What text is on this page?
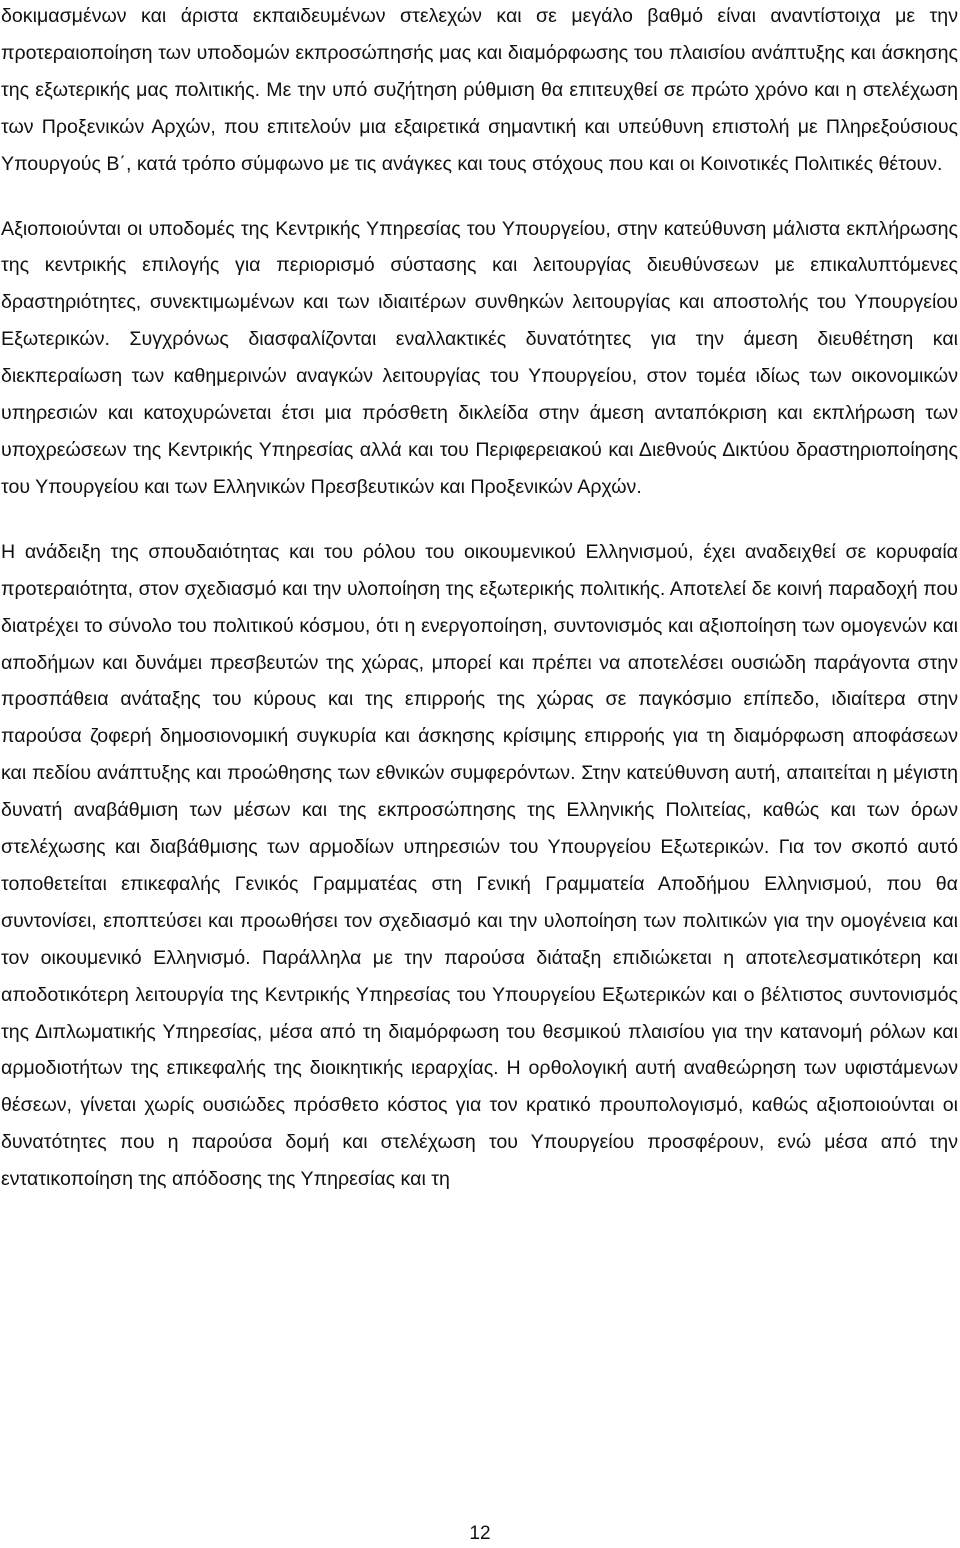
δοκιμασμένων και άριστα εκπαιδευμένων στελεχών και σε μεγάλο βαθμό είναι αναντίστοιχα με την προτεραιοποίηση των υποδομών εκπροσώπησής μας και διαμόρφωσης του πλαισίου ανάπτυξης και άσκησης της εξωτερικής μας πολιτικής. Με την υπό συζήτηση ρύθμιση θα επιτευχθεί σε πρώτο χρόνο και η στελέχωση των Προξενικών Αρχών, που επιτελούν μια εξαιρετικά σημαντική και υπεύθυνη επιστολή με Πληρεξούσιους Υπουργούς Β΄, κατά τρόπο σύμφωνο με τις ανάγκες και τους στόχους που και οι Κοινοτικές Πολιτικές θέτουν.

Αξιοποιούνται οι υποδομές της Κεντρικής Υπηρεσίας του Υπουργείου, στην κατεύθυνση μάλιστα εκπλήρωσης της κεντρικής επιλογής για περιορισμό σύστασης και λειτουργίας διευθύνσεων με επικαλυπτόμενες δραστηριότητες, συνεκτιμωμένων και των ιδιαιτέρων συνθηκών λειτουργίας και αποστολής του Υπουργείου Εξωτερικών. Συγχρόνως διασφαλίζονται εναλλακτικές δυνατότητες για την άμεση διευθέτηση και διεκπεραίωση των καθημερινών αναγκών λειτουργίας του Υπουργείου, στον τομέα ιδίως των οικονομικών υπηρεσιών και κατοχυρώνεται έτσι μια πρόσθετη δικλείδα στην άμεση ανταπόκριση και εκπλήρωση των υποχρεώσεων της Κεντρικής Υπηρεσίας αλλά και του Περιφερειακού και Διεθνούς Δικτύου δραστηριοποίησης του Υπουργείου και των Ελληνικών Πρεσβευτικών και Προξενικών Αρχών.

Η ανάδειξη της σπουδαιότητας και του ρόλου του οικουμενικού Ελληνισμού, έχει αναδειχθεί σε κορυφαία προτεραιότητα, στον σχεδιασμό και την υλοποίηση της εξωτερικής πολιτικής. Αποτελεί δε κοινή παραδοχή που διατρέχει το σύνολο του πολιτικού κόσμου, ότι η ενεργοποίηση, συντονισμός και αξιοποίηση των ομογενών και αποδήμων και δυνάμει πρεσβευτών της χώρας, μπορεί και πρέπει να αποτελέσει ουσιώδη παράγοντα στην προσπάθεια ανάταξης του κύρους και της επιρροής της χώρας σε παγκόσμιο επίπεδο, ιδιαίτερα στην παρούσα ζοφερή δημοσιονομική συγκυρία και άσκησης κρίσιμης επιρροής για τη διαμόρφωση αποφάσεων και πεδίου ανάπτυξης και προώθησης των εθνικών συμφερόντων. Στην κατεύθυνση αυτή, απαιτείται η μέγιστη δυνατή αναβάθμιση των μέσων και της εκπροσώπησης της Ελληνικής Πολιτείας, καθώς και των όρων στελέχωσης και διαβάθμισης των αρμοδίων υπηρεσιών του Υπουργείου Εξωτερικών. Για τον σκοπό αυτό τοποθετείται επικεφαλής Γενικός Γραμματέας στη Γενική Γραμματεία Αποδήμου Ελληνισμού, που θα συντονίσει, εποπτεύσει και προωθήσει τον σχεδιασμό και την υλοποίηση των πολιτικών για την ομογένεια και τον οικουμενικό Ελληνισμό. Παράλληλα με την παρούσα διάταξη επιδιώκεται η αποτελεσματικότερη και αποδοτικότερη λειτουργία της Κεντρικής Υπηρεσίας του Υπουργείου Εξωτερικών και ο βέλτιστος συντονισμός της Διπλωματικής Υπηρεσίας, μέσα από τη διαμόρφωση του θεσμικού πλαισίου για την κατανομή ρόλων και αρμοδιοτήτων της επικεφαλής της διοικητικής ιεραρχίας. Η ορθολογική αυτή αναθεώρηση των υφιστάμενων θέσεων, γίνεται χωρίς ουσιώδες πρόσθετο κόστος για τον κρατικό προυπολογισμό, καθώς αξιοποιούνται οι δυνατότητες που η παρούσα δομή και στελέχωση του Υπουργείου προσφέρουν, ενώ μέσα από την εντατικοποίηση της απόδοσης της Υπηρεσίας και τη

12
